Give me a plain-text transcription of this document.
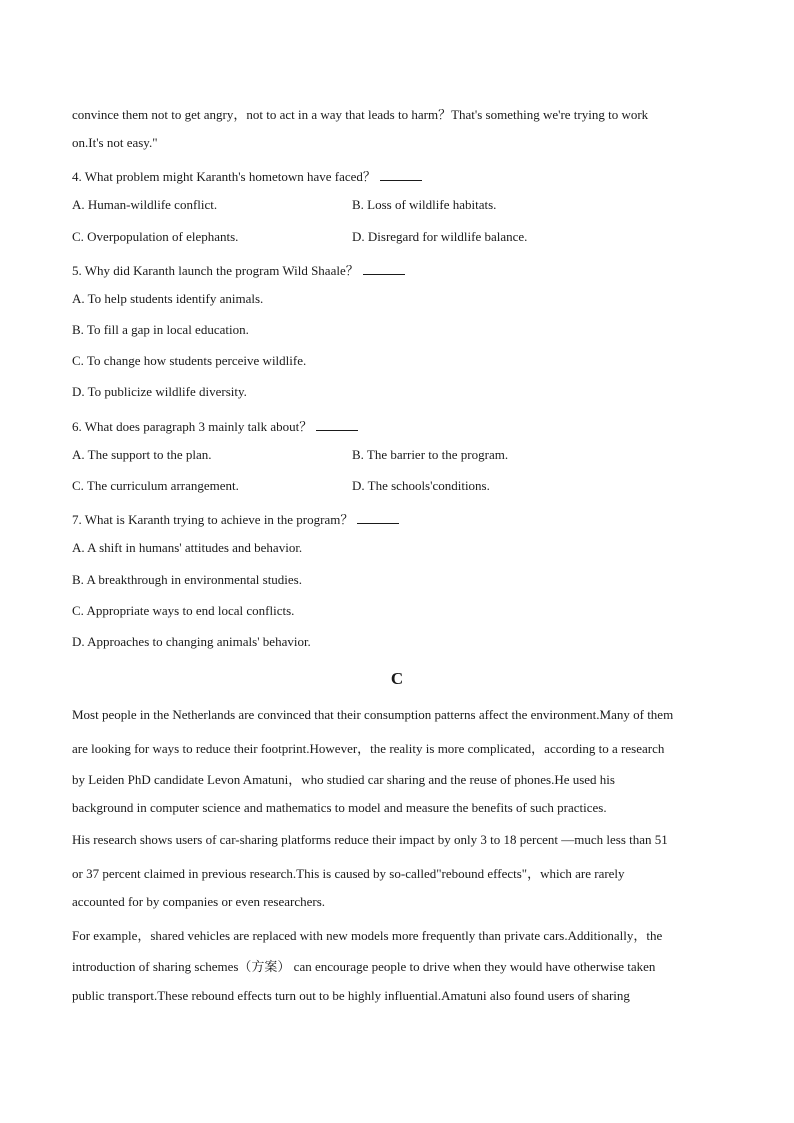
convince them not to get angry，not to act in a way that leads to harm？That's something we're trying to work
on.It's not easy."
4. What problem might Karanth's hometown have faced？
A. Human-wildlife conflict.	B. Loss of wildlife habitats.
C. Overpopulation of elephants.	D. Disregard for wildlife balance.
5. Why did Karanth launch the program Wild Shaale？
A. To help students identify animals.
B. To fill a gap in local education.
C. To change how students perceive wildlife.
D. To publicize wildlife diversity.
6. What does paragraph 3 mainly talk about？
A. The support to the plan.	B. The barrier to the program.
C. The curriculum arrangement.	D. The schools'conditions.
7. What is Karanth trying to achieve in the program？
A. A shift in humans' attitudes and behavior.
B. A breakthrough in environmental studies.
C. Appropriate ways to end local conflicts.
D. Approaches to changing animals' behavior.
C
Most people in the Netherlands are convinced that their consumption patterns affect the environment.Many of them
are looking for ways to reduce their footprint.However，the reality is more complicated，according to a research
by Leiden PhD candidate Levon Amatuni，who studied car sharing and the reuse of phones.He used his
background in computer science and mathematics to model and measure the benefits of such practices.
His research shows users of car-sharing platforms reduce their impact by only 3 to 18 percent —much less than 51
or 37 percent claimed in previous research.This is caused by so-called"rebound effects"，which are rarely
accounted for by companies or even researchers.
For example，shared vehicles are replaced with new models more frequently than private cars.Additionally，the
introduction of sharing schemes（方案） can encourage people to drive when they would have otherwise taken
public transport.These rebound effects turn out to be highly influential.Amatuni also found users of sharing
